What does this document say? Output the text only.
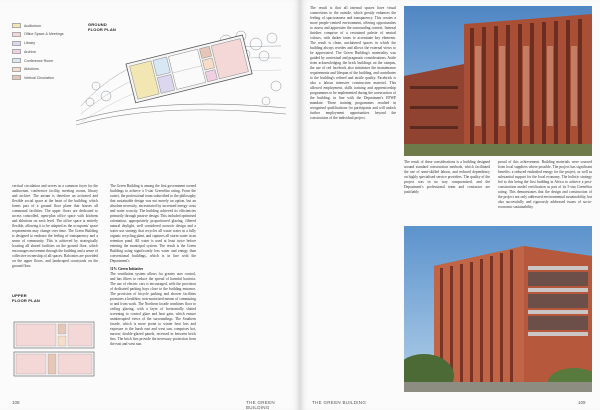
Auditorium
Office Space & Meetings
Library
Archive
Conference Room
Ablutions
Vertical Circulation
GROUND
FLOOR PLAN
vertical circulation and serves as a common foyer for the auditorium, conference facility, meeting rooms, library and archive. The atrium is therefore an activated and flexible social space at the heart of the building, which forms part of a ground floor plane that houses all communal facilities. The upper floors are dedicated to access controlled, open-plan office space with kitchens and ablutions on each level. The office space is entirely flexible, allowing it to be adapted as the occupants' space requirements may change over time. The Green Building is designed to embrace the feeling of transparency and a sense of community. This is achieved by strategically locating all shared facilities on the ground floor, which encourages movement through the building and a sense of collective ownership of all spaces. Balconies are provided on the upper floors, and landscaped courtyards on the ground floor.
The Green Building is among the first government owned buildings to achieve a 5-star GreenStar rating. From the outset, the professional team subscribed to the philosophy that sustainable design was not merely an option, but an absolute necessity, necessitated by increased energy costs and water scarcity. The building achieved its efficiencies primarily through passive design. This included optimised orientation, appropriately proportioned glazing, filtered natural daylight, well considered acoustic design and a water use strategy that recycles all waste water in a fully organic recycling plant, and captures all storm water in an retention pond. All water is used at least twice before entering the municipal system. The result is the Green Building using significantly less water and energy than conventional buildings, which is in line with the Department's
11% Green Initiative
The ventilation system allows for greater user control, and has filters to reduce the spread of harmful bacteria. The use of electric cars is encouraged, with the provision of dedicated parking bays close to the building entrance. The provision of bicycle parking and shower facilities promotes a healthier, non-motorised means of commuting to and from work. The Northern facade combines floor to ceiling glazing, with a layer of horizontally slatted screening to control glare and heat gain, which ensure uninterrupted views of the surroundings. The Southern facade, which is more prone to winter heat loss and exposure to the harsh east and west sun, comprises hot, narrow, double-glazed panels, recessed in between brick fins. The brick fins provide the necessary protection from the east and west sun.
UPPER
FLOOR PLAN
108	THE GREEN BUILDING
The result is that all internal spaces have visual connections to the outside, which greatly enhances the feeling of spaciousness and transparency. This creates a more people-centred environment, offering opportunities to assess and appreciate the surrounding context. Internal finishes comprise of a restrained palette of neutral colours, with darker tones to accentuate key elements. The result is clean, uncluttered spaces in which the building always recedes and allows the external views to be appreciated. The Green Building's materiality was guided by contextual and pragmatic considerations. Aside from acknowledging the brick buildings on the campus, the use of red facebrick also minimises the maintenance requirements and lifespan of the building, and contributes to the building's refined and tactile quality. Facebrick is also a labour intensive construction material. This allowed employment, skills training and apprenticeship programmes to be implemented during the construction of the building, in line with the Department's EPWP mandate. These training programmes resulted in recognised qualifications for participants and will unlock further employment opportunities beyond the construction of the individual project.
The result of these considerations is a building designed around standard construction methods, which facilitated the use of semi-skilled labour, and reduced dependency on highly specialised service providers. The quality of the project was in no way compromised, and the Department's professional team and contractor are justifiably
proud of this achievement. Building materials were sourced from local suppliers where possible. The project has significant benefits: a reduced embodied energy for the project, as well as substantial support for the local economy. The holistic strategy led to this being the first building in Africa to achieve a post-construction model certification as part of its 5-star GreenStar rating. This demonstrates that the design and construction of the project not only addressed environmental sustainability, but also successfully and rigorously addressed issues of socio-economic sustainability.
THE GREEN BUILDING	109
